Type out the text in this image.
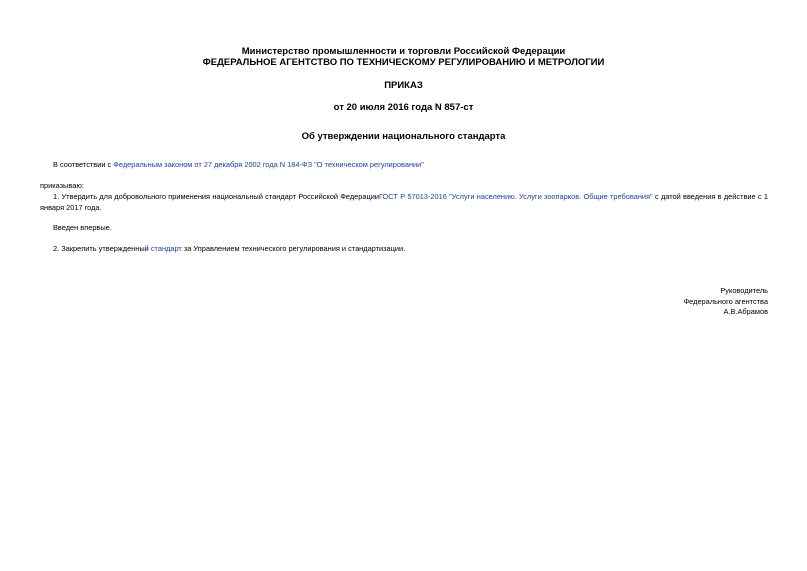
Министерство промышленности и торговли Российской Федерации
ФЕДЕРАЛЬНОЕ АГЕНТСТВО ПО ТЕХНИЧЕСКОМУ РЕГУЛИРОВАНИЮ И МЕТРОЛОГИИ
ПРИКАЗ
от 20 июля 2016 года N 857-ст
Об утверждении национального стандарта
В соответствии с Федеральным законом от 27 декабря 2002 года N 184-ФЗ "О техническом регулировании"
приказываю:
1. Утвердить для добровольного применения национальный стандарт Российской ФедерацииГОСТ Р 57013-2016 "Услуги населению. Услуги зоопарков. Общие требования" с датой введения в действие с 1 января 2017 года.
Введен впервые.
2. Закрепить утвержденный стандарт за Управлением технического регулирования и стандартизации.
Руководитель
Федерального агентства
А.В.Абрамов
